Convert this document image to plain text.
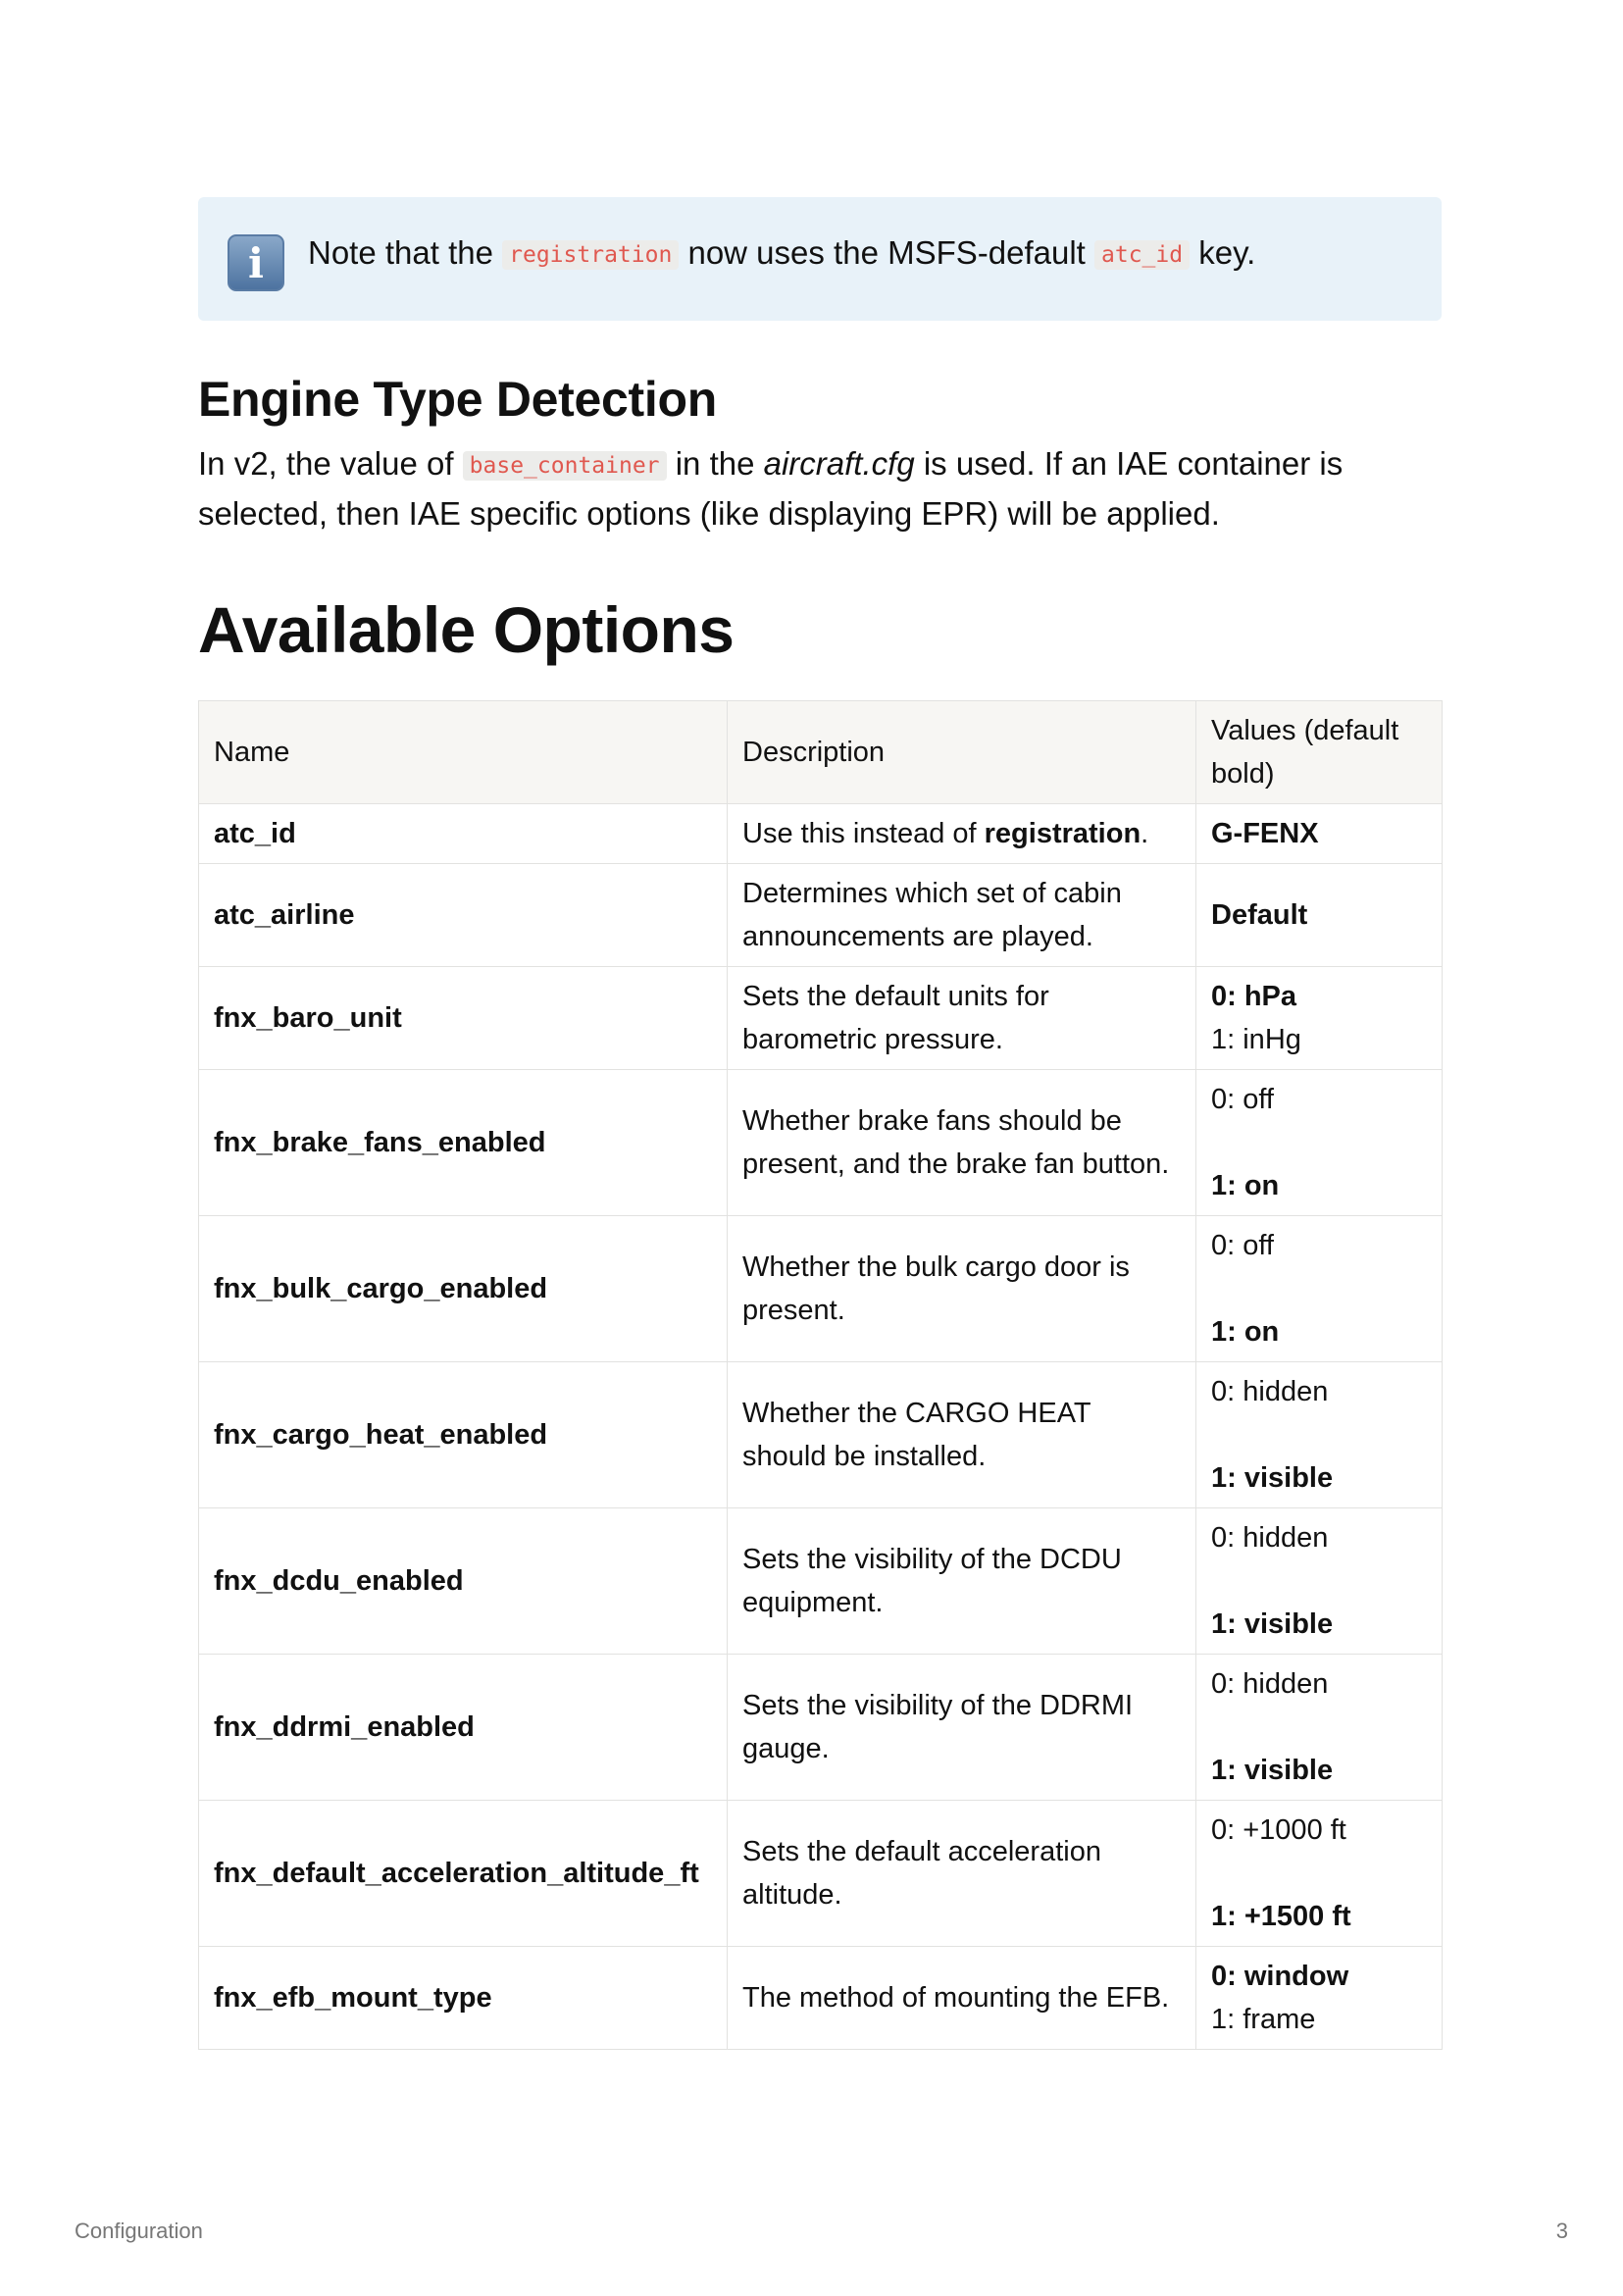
i	Note that the registration now uses the MSFS-default atc_id key.

Engine Type Detection

In v2, the value of base_container in the aircraft.cfg is used. If an IAE container is selected, then IAE specific options (like displaying EPR) will be applied.

Available Options
Name	Description	Values (default bold)
atc_id	Use this instead of registration.	G-FENX

atc_airline	Determines which set of cabin announcements are played.	Default

fnx_baro_unit	Sets the default units for barometric pressure.	0: hPa
1: inHg

fnx_brake_fans_enabled	Whether brake fans should be present, and the brake fan button.	0: off
1: on

fnx_bulk_cargo_enabled	Whether the bulk cargo door is present.	0: off
1: on

fnx_cargo_heat_enabled	Whether the CARGO HEAT should be installed.	0: hidden
1: visible

fnx_dcdu_enabled	Sets the visibility of the DCDU equipment.	0: hidden
1: visible

fnx_ddrmi_enabled	Sets the visibility of the DDRMI gauge.	0: hidden
1: visible

fnx_default_acceleration_altitude_ft	Sets the default acceleration altitude.	0: +1000 ft
1: +1500 ft

fnx_efb_mount_type	The method of mounting the EFB.	0: window
1: frame
Configuration	3
